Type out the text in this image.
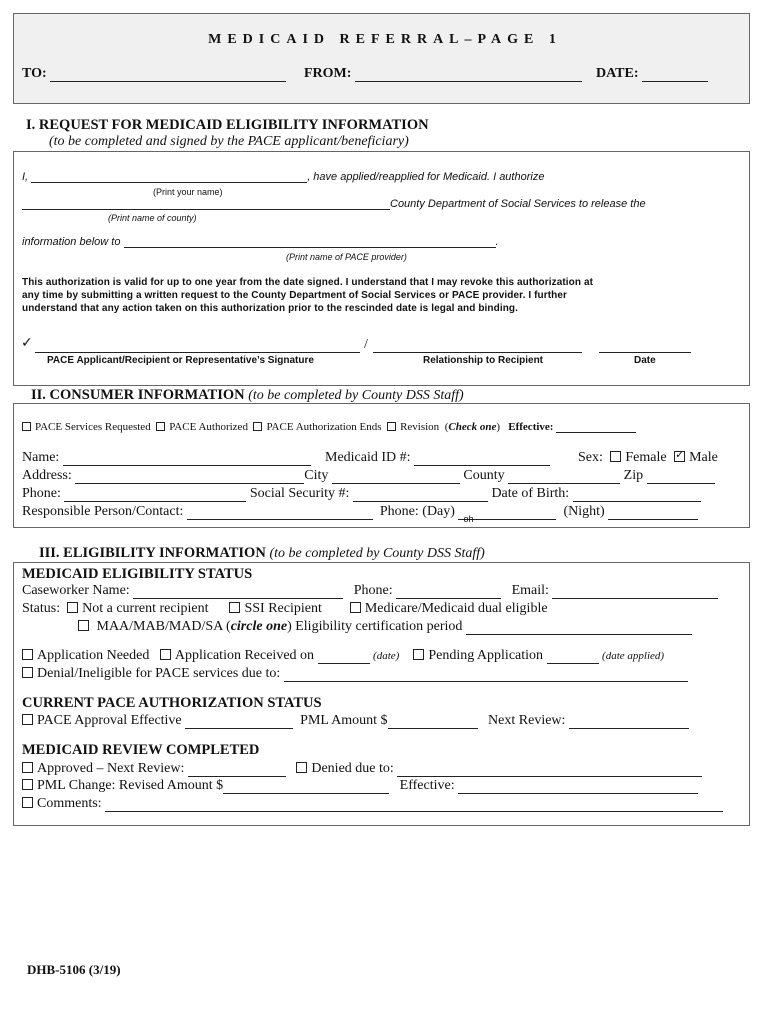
MEDICAID REFERRAL–PAGE 1
TO:	FROM:	DATE:
I. REQUEST FOR MEDICAID ELIGIBILITY INFORMATION
(to be completed and signed by the PACE applicant/beneficiary)
I,	, have applied/reapplied for Medicaid. I authorize
(Print your name)
County Department of Social Services to release the
(Print name of county)
information below to	.
(Print name of PACE provider)
This authorization is valid for up to one year from the date signed. I understand that I may revoke this authorization at
any time by submitting a written request to the County Department of Social Services or PACE provider. I further
understand that any action taken on this authorization prior to the rescinded date is legal and binding.
✓	/
PACE Applicant/Recipient or Representative’s Signature	Relationship to Recipient	Date
II. CONSUMER INFORMATION (to be completed by County DSS Staff)
PACE Services Requested PACE Authorized PACE Authorization Ends Revision (Check one) Effective:
Name:	Medicaid ID #:	Sex: Female ✓ Male
Address:	City	County	Zip
Phone:	Social Security #:	Date of Birth:
Responsible Person/Contact:	Phone: (Day) oh	(Night)
III. ELIGIBILITY INFORMATION (to be completed by County DSS Staff)
MEDICAID ELIGIBILITY STATUS
Caseworker Name:	Phone:	Email:
Status: Not a current recipient	SSI Recipient	Medicare/Medicaid dual eligible
MAA/MAB/MAD/SA (circle one) Eligibility certification period
Application Needed Application Received on	(date) Pending Application	(date applied)
Denial/Ineligible for PACE services due to:
CURRENT PACE AUTHORIZATION STATUS
PACE Approval Effective	PML Amount $	Next Review:
MEDICAID REVIEW COMPLETED
Approved – Next Review:	Denied due to:
PML Change: Revised Amount $	Effective:
Comments:
DHB-5106 (3/19)
